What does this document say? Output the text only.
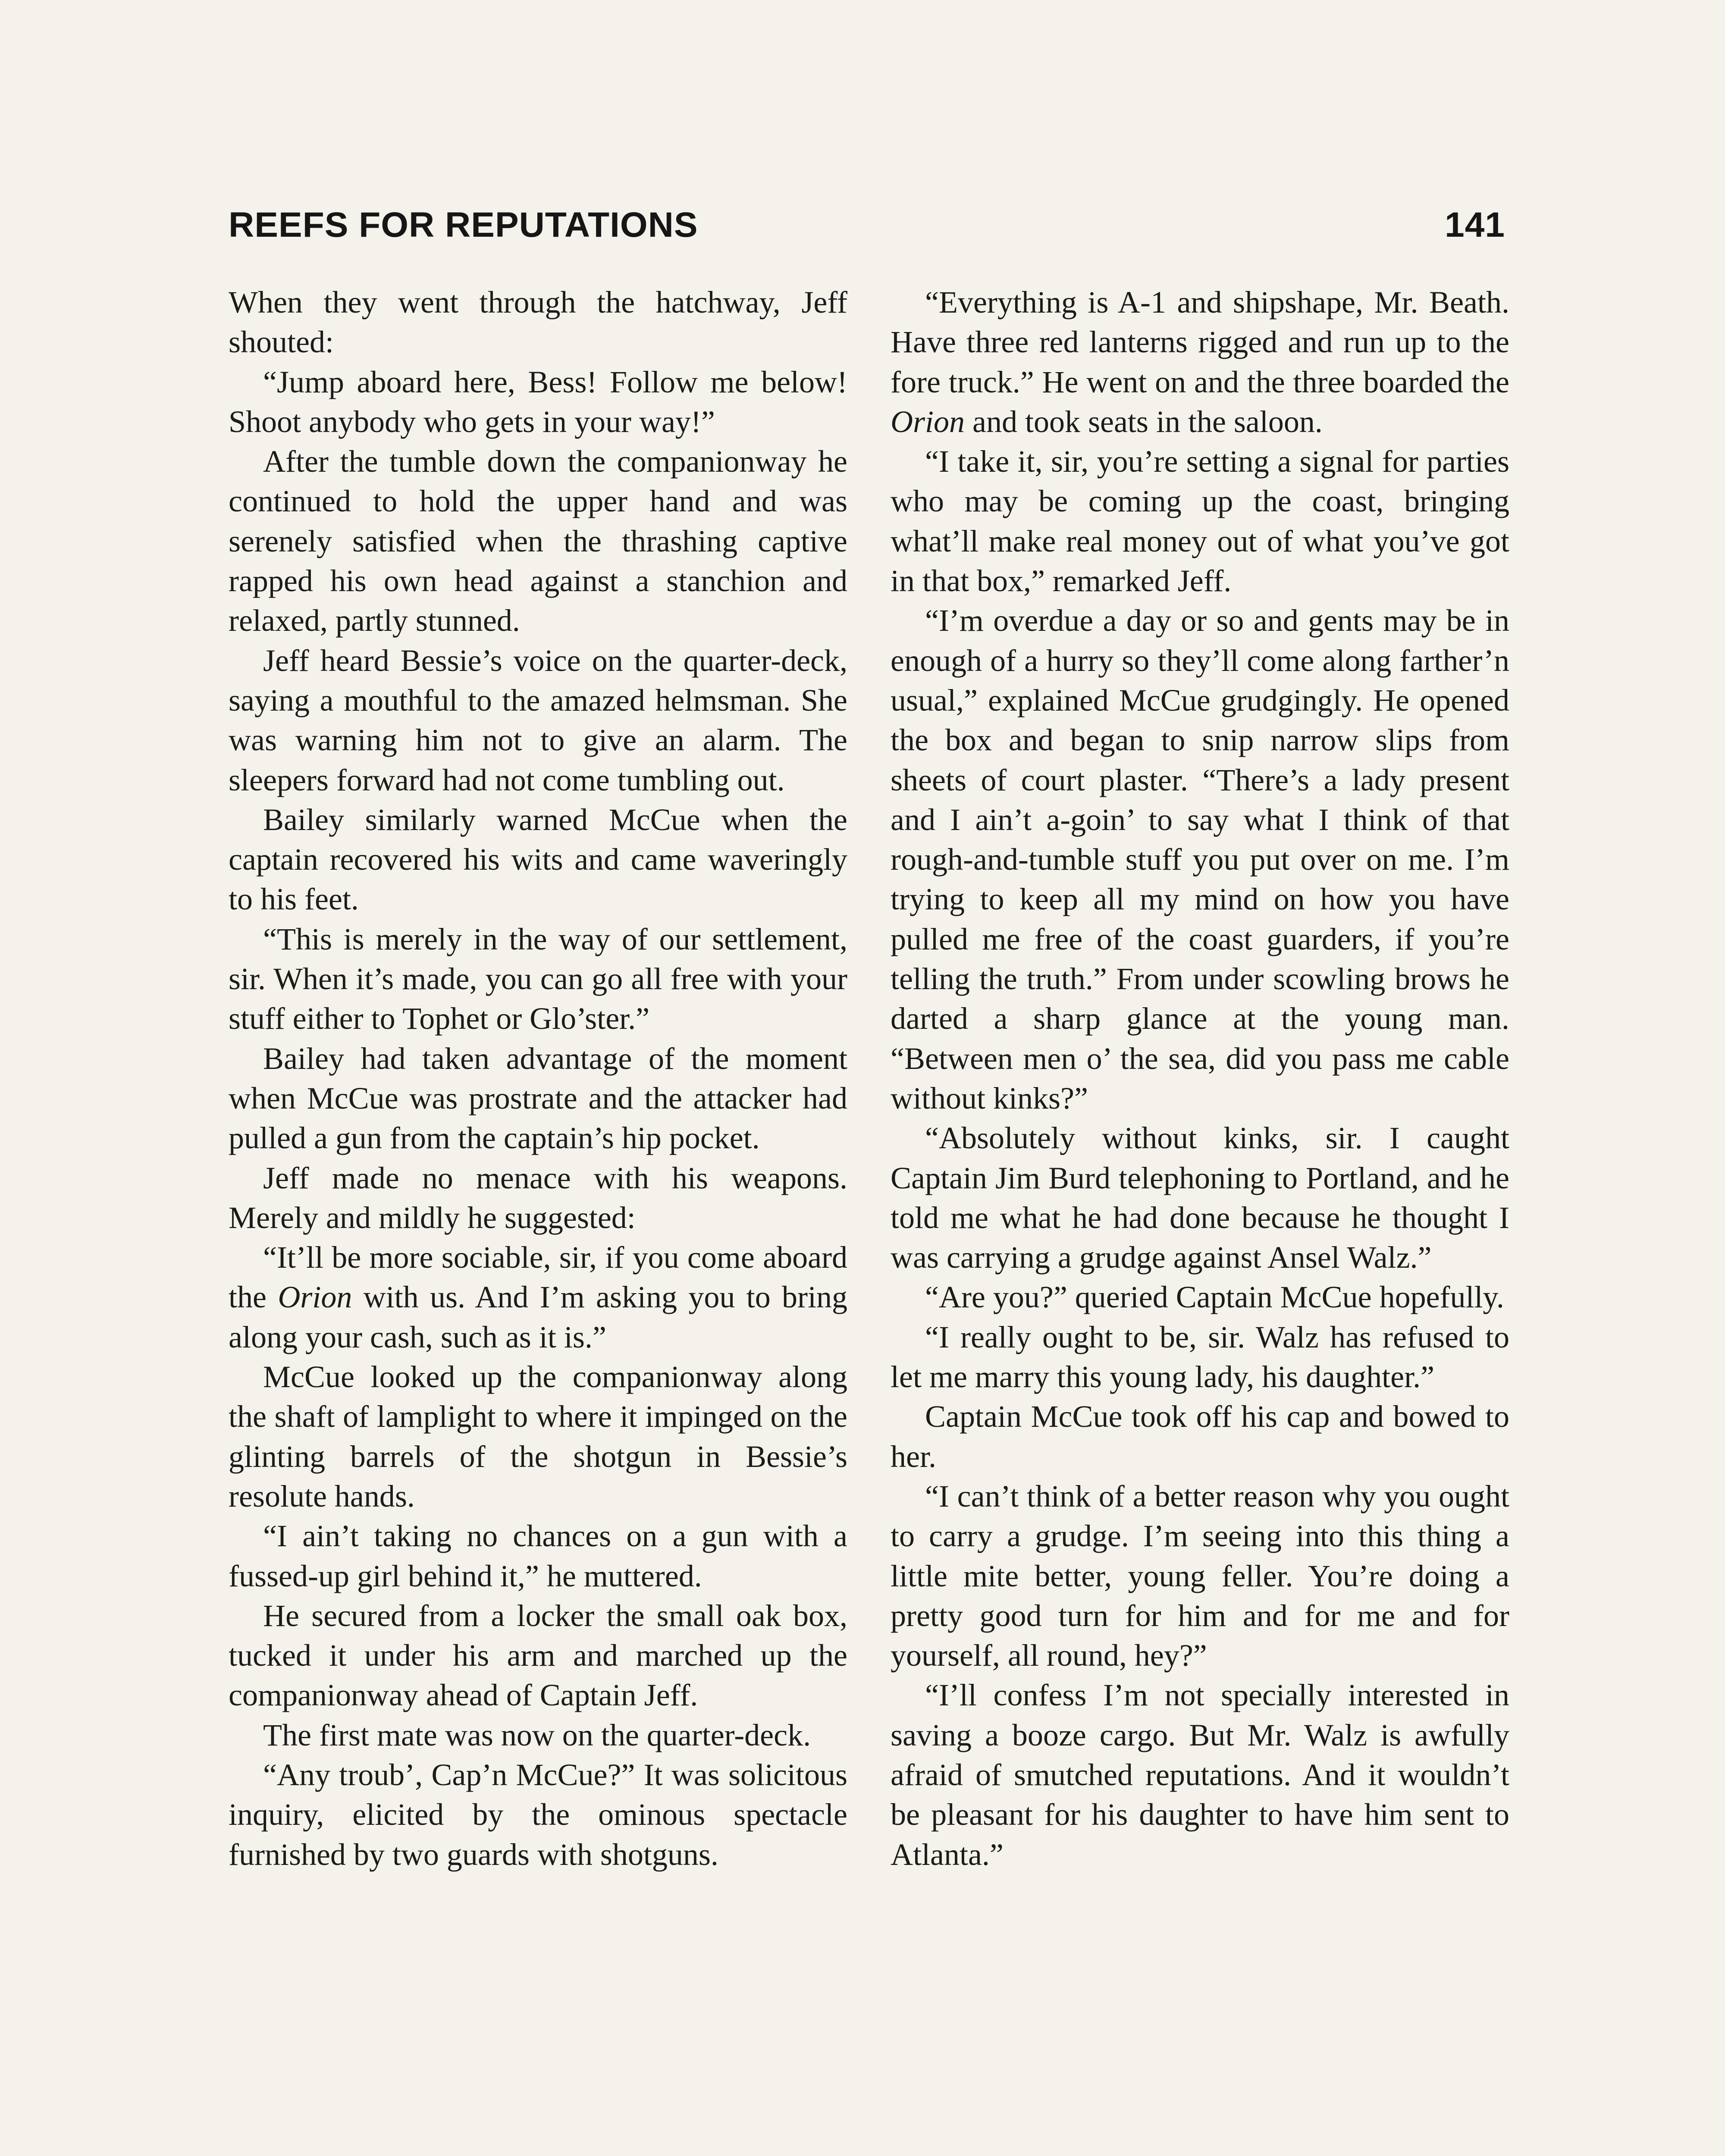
REEFS FOR REPUTATIONS	141

When they went through the hatchway, Jeff shouted:

“Jump aboard here, Bess! Follow me below! Shoot anybody who gets in your way!”

After the tumble down the companionway he continued to hold the upper hand and was serenely satisfied when the thrashing captive rapped his own head against a stanchion and relaxed, partly stunned.

Jeff heard Bessie’s voice on the quarter-deck, saying a mouthful to the amazed helmsman. She was warning him not to give an alarm. The sleepers forward had not come tumbling out.

Bailey similarly warned McCue when the captain recovered his wits and came waveringly to his feet.

“This is merely in the way of our settlement, sir. When it’s made, you can go all free with your stuff either to Tophet or Glo’ster.”

Bailey had taken advantage of the moment when McCue was prostrate and the attacker had pulled a gun from the captain’s hip pocket.

Jeff made no menace with his weapons. Merely and mildly he suggested:

“It’ll be more sociable, sir, if you come aboard the Orion with us. And I’m asking you to bring along your cash, such as it is.”

McCue looked up the companionway along the shaft of lamplight to where it impinged on the glinting barrels of the shotgun in Bessie’s resolute hands.

“I ain’t taking no chances on a gun with a fussed-up girl behind it,” he muttered.

He secured from a locker the small oak box, tucked it under his arm and marched up the companionway ahead of Captain Jeff.

The first mate was now on the quarter-deck.

“Any troub’, Cap’n McCue?” It was solicitous inquiry, elicited by the ominous spectacle furnished by two guards with shotguns.

“Everything is A-1 and shipshape, Mr. Beath. Have three red lanterns rigged and run up to the fore truck.” He went on and the three boarded the Orion and took seats in the saloon.

“I take it, sir, you’re setting a signal for parties who may be coming up the coast, bringing what’ll make real money out of what you’ve got in that box,” remarked Jeff.

“I’m overdue a day or so and gents may be in enough of a hurry so they’ll come along farther’n usual,” explained McCue grudgingly. He opened the box and began to snip narrow slips from sheets of court plaster. “There’s a lady present and I ain’t a-goin’ to say what I think of that rough-and-tumble stuff you put over on me. I’m trying to keep all my mind on how you have pulled me free of the coast guarders, if you’re telling the truth.” From under scowling brows he darted a sharp glance at the young man. “Between men o’ the sea, did you pass me cable without kinks?”

“Absolutely without kinks, sir. I caught Captain Jim Burd telephoning to Portland, and he told me what he had done because he thought I was carrying a grudge against Ansel Walz.”

“Are you?” queried Captain McCue hopefully.

“I really ought to be, sir. Walz has refused to let me marry this young lady, his daughter.”

Captain McCue took off his cap and bowed to her.

“I can’t think of a better reason why you ought to carry a grudge. I’m seeing into this thing a little mite better, young feller. You’re doing a pretty good turn for him and for me and for yourself, all round, hey?”

“I’ll confess I’m not specially interested in saving a booze cargo. But Mr. Walz is awfully afraid of smutched reputations. And it wouldn’t be pleasant for his daughter to have him sent to Atlanta.”
